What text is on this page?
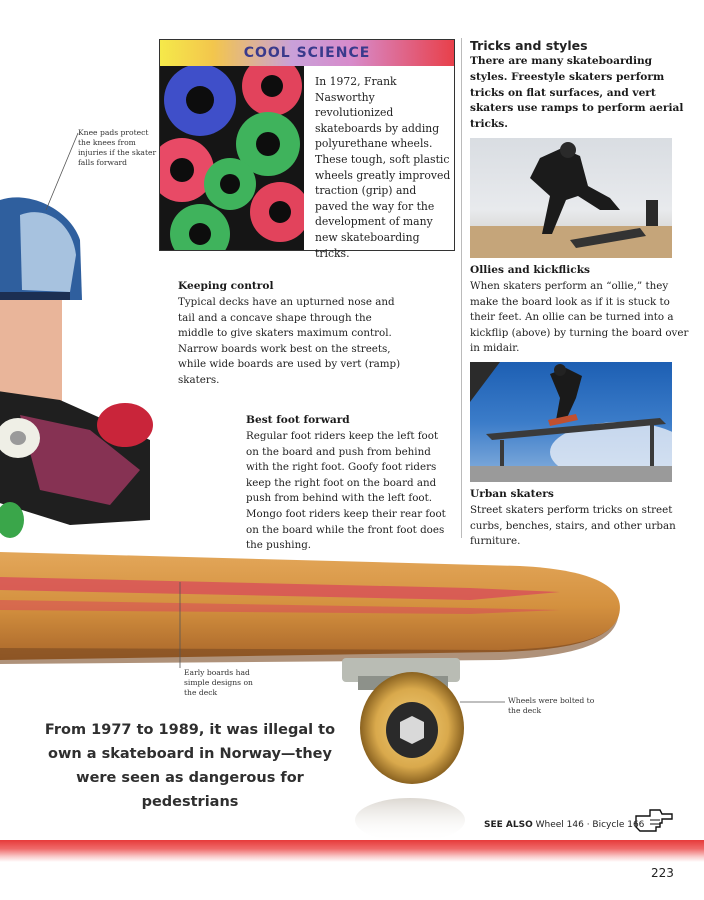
COOL SCIENCE
In 1972, Frank Nasworthy revolutionized skateboards by adding polyurethane wheels. These tough, soft plastic wheels greatly improved traction (grip) and paved the way for the development of many new skateboarding tricks.
Tricks and styles
There are many skateboarding styles. Freestyle skaters perform tricks on flat surfaces, and vert skaters use ramps to perform aerial tricks.
Ollies and kickflicks
When skaters perform an “ollie,” they make the board look as if it is stuck to their feet. An ollie can be turned into a kickflip (above) by turning the board over in midair.
Urban skaters
Street skaters perform tricks on street curbs, benches, stairs, and other urban furniture.
Keeping control
Typical decks have an upturned nose and tail and a concave shape through the middle to give skaters maximum control. Narrow boards work best on the streets, while wide boards are used by vert (ramp) skaters.
Best foot forward
Regular foot riders keep the left foot on the board and push from behind with the right foot. Goofy foot riders keep the right foot on the board and push from behind with the left foot. Mongo foot riders keep their rear foot on the board while the front foot does the pushing.
Knee pads protect the knees from injuries if the skater falls forward
Early boards had simple designs on the deck
Wheels were bolted to the deck
From 1977 to 1989, it was illegal to own a skateboard in Norway—they were seen as dangerous for pedestrians
SEE ALSO Wheel 146 · Bicycle 166
223
